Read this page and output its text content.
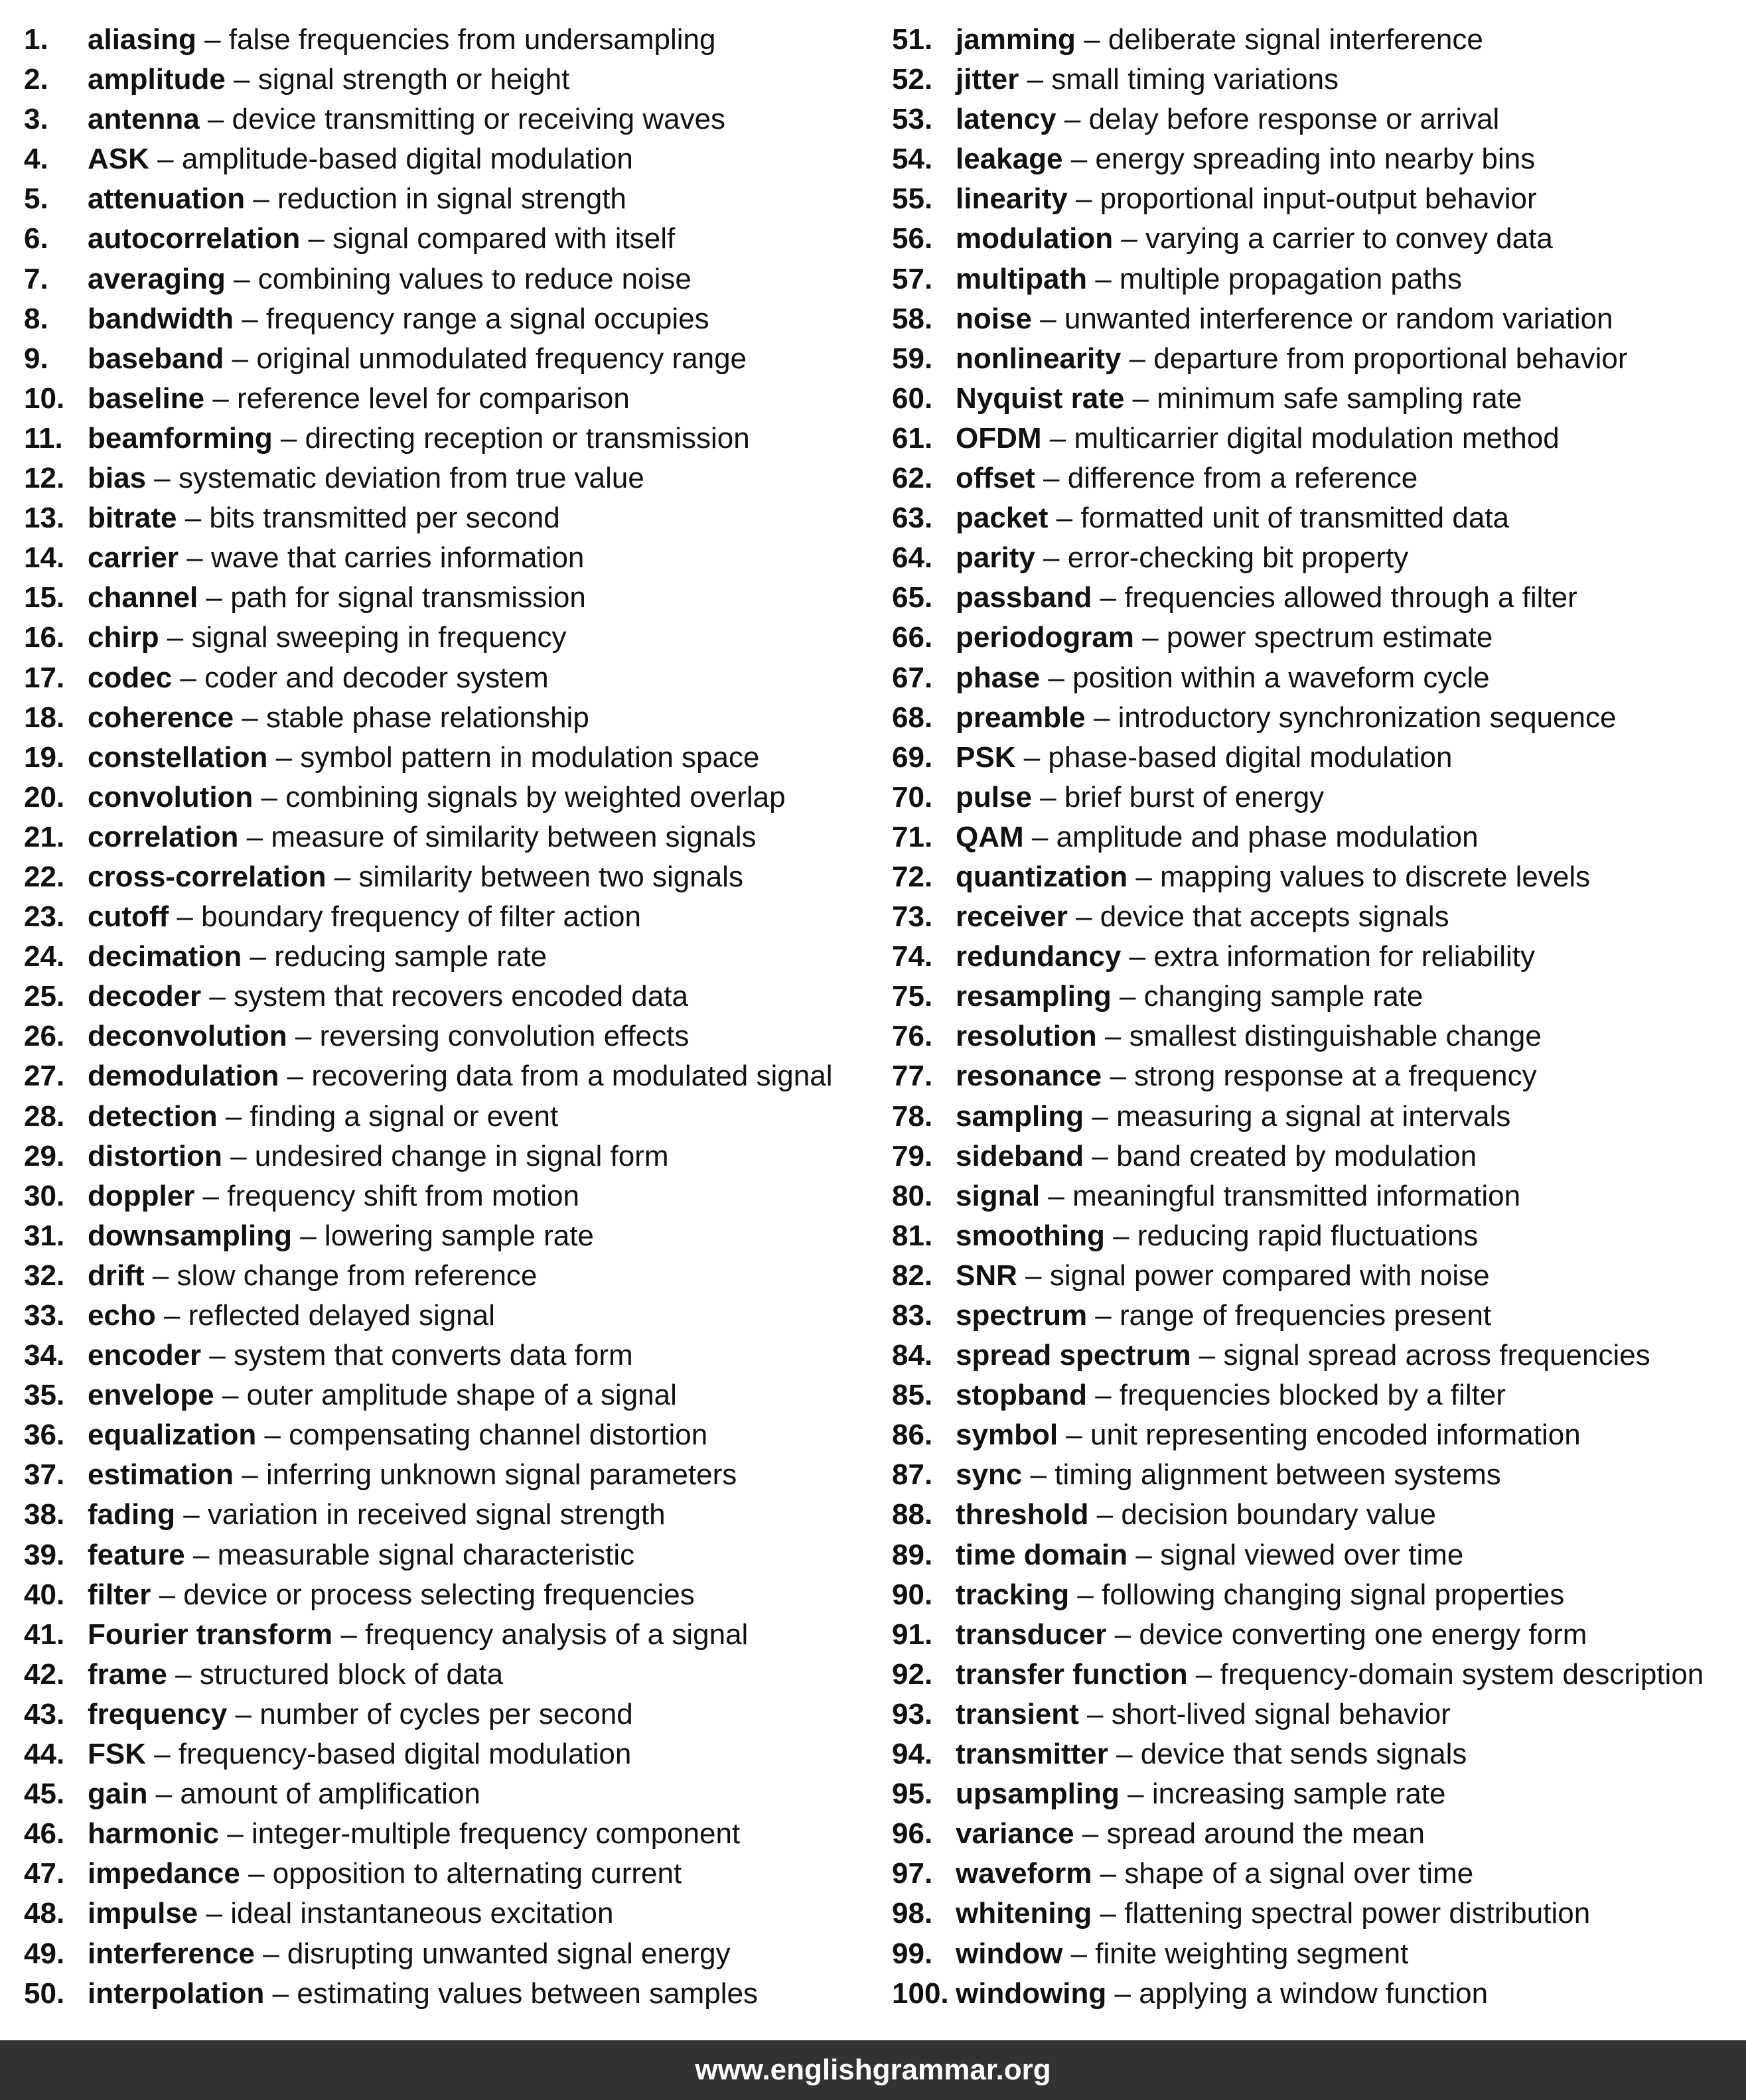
1. aliasing – false frequencies from undersampling
2. amplitude – signal strength or height
3. antenna – device transmitting or receiving waves
4. ASK – amplitude-based digital modulation
5. attenuation – reduction in signal strength
6. autocorrelation – signal compared with itself
7. averaging – combining values to reduce noise
8. bandwidth – frequency range a signal occupies
9. baseband – original unmodulated frequency range
10. baseline – reference level for comparison
11. beamforming – directing reception or transmission
12. bias – systematic deviation from true value
13. bitrate – bits transmitted per second
14. carrier – wave that carries information
15. channel – path for signal transmission
16. chirp – signal sweeping in frequency
17. codec – coder and decoder system
18. coherence – stable phase relationship
19. constellation – symbol pattern in modulation space
20. convolution – combining signals by weighted overlap
21. correlation – measure of similarity between signals
22. cross-correlation – similarity between two signals
23. cutoff – boundary frequency of filter action
24. decimation – reducing sample rate
25. decoder – system that recovers encoded data
26. deconvolution – reversing convolution effects
27. demodulation – recovering data from a modulated signal
28. detection – finding a signal or event
29. distortion – undesired change in signal form
30. doppler – frequency shift from motion
31. downsampling – lowering sample rate
32. drift – slow change from reference
33. echo – reflected delayed signal
34. encoder – system that converts data form
35. envelope – outer amplitude shape of a signal
36. equalization – compensating channel distortion
37. estimation – inferring unknown signal parameters
38. fading – variation in received signal strength
39. feature – measurable signal characteristic
40. filter – device or process selecting frequencies
41. Fourier transform – frequency analysis of a signal
42. frame – structured block of data
43. frequency – number of cycles per second
44. FSK – frequency-based digital modulation
45. gain – amount of amplification
46. harmonic – integer-multiple frequency component
47. impedance – opposition to alternating current
48. impulse – ideal instantaneous excitation
49. interference – disrupting unwanted signal energy
50. interpolation – estimating values between samples
51. jamming – deliberate signal interference
52. jitter – small timing variations
53. latency – delay before response or arrival
54. leakage – energy spreading into nearby bins
55. linearity – proportional input-output behavior
56. modulation – varying a carrier to convey data
57. multipath – multiple propagation paths
58. noise – unwanted interference or random variation
59. nonlinearity – departure from proportional behavior
60. Nyquist rate – minimum safe sampling rate
61. OFDM – multicarrier digital modulation method
62. offset – difference from a reference
63. packet – formatted unit of transmitted data
64. parity – error-checking bit property
65. passband – frequencies allowed through a filter
66. periodogram – power spectrum estimate
67. phase – position within a waveform cycle
68. preamble – introductory synchronization sequence
69. PSK – phase-based digital modulation
70. pulse – brief burst of energy
71. QAM – amplitude and phase modulation
72. quantization – mapping values to discrete levels
73. receiver – device that accepts signals
74. redundancy – extra information for reliability
75. resampling – changing sample rate
76. resolution – smallest distinguishable change
77. resonance – strong response at a frequency
78. sampling – measuring a signal at intervals
79. sideband – band created by modulation
80. signal – meaningful transmitted information
81. smoothing – reducing rapid fluctuations
82. SNR – signal power compared with noise
83. spectrum – range of frequencies present
84. spread spectrum – signal spread across frequencies
85. stopband – frequencies blocked by a filter
86. symbol – unit representing encoded information
87. sync – timing alignment between systems
88. threshold – decision boundary value
89. time domain – signal viewed over time
90. tracking – following changing signal properties
91. transducer – device converting one energy form
92. transfer function – frequency-domain system description
93. transient – short-lived signal behavior
94. transmitter – device that sends signals
95. upsampling – increasing sample rate
96. variance – spread around the mean
97. waveform – shape of a signal over time
98. whitening – flattening spectral power distribution
99. window – finite weighting segment
100. windowing – applying a window function
www.englishgrammar.org
